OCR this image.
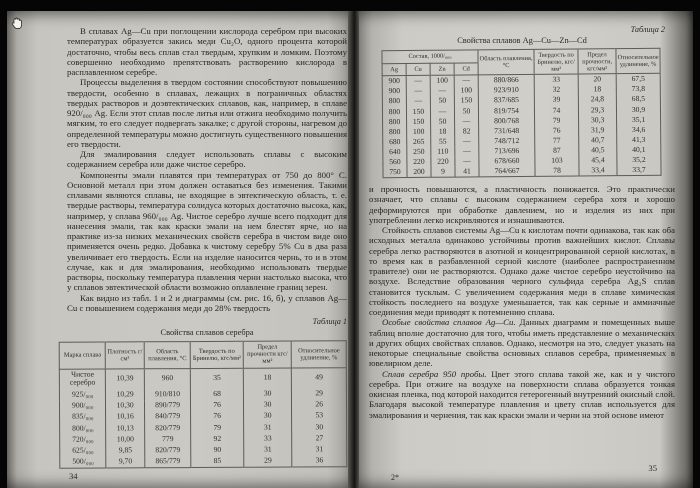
В сплавах Ag—Cu при поглощении кислорода серебром при высоких температурах образуется закись меди Cu₂O, одного процента которой достаточно, чтобы весь сплав стал твердым, хрупким и ломким. Поэтому совершенно необходимо препятствовать растворению кислорода в расплавленном серебре.

Процессы выделения в твердом состоянии способствуют повышению твердости, особенно в сплавах, лежащих в пограничных областях твердых растворов и доэвтектических сплавов, как, например, в сплаве 920/₀₀₀ Ag. Если этот сплав после литья или отжига необходимо получить мягким, то его следует подвергать закалке; с другой стороны, нагревом до определенной температуры можно достигнуть существенного повышения его твердости.

Для эмалирования следует использовать сплавы с высоким содержанием серебра или даже чистое серебро.

Компоненты эмали плавятся при температурах от 750 до 800° С. Основной металл при этом должен оставаться без изменения. Такими сплавами являются сплавы, не входящие в эвтектическую область, т. е. твердые растворы, температура солидуса которых достаточно высока, как, например, у сплава 960/₀₀₀ Ag. Чистое серебро лучше всего подходит для нанесения эмали, так как краски эмали на нем блестят ярче, но на практике из-за низких механических свойств серебра в чистом виде оно применяется очень редко. Добавка к чистому серебру 5% Cu в два раза увеличивает его твердость. Если на изделие наносится чернь, то и в этом случае, как и для эмалирования, необходимо использовать твердые растворы, поскольку температура плавления черни настолько высока, что у сплавов эвтектической области возможно оплавление границ зерен.

Как видно из табл. 1 и 2 и диаграммы (см. рис. 16, б), у сплавов Ag—Cu с повышением содержания меди до 28% твердость

Таблица 1
Свойства сплавов серебра
Марка сплава	Плотность г/см³	Область плавления, °С	Твердость по Бринелю, кгс/мм²	Предел прочности кгс/мм²	Относительное удлинение, %
Чистое серебро	10,39	960	35	18	49
925/₀₀₀	10,29	910/810	68	30	29
900/₀₀₀	10,30	890/779	76	30	26
835/₀₀₀	10,16	840/779	76	30	53
800/₀₀₀	10,13	820/779	79	31	30
720/₀₀₀	10,00	779	92	33	27
625/₀₀₀	9,85	820/779	90	31	31
500/₀₀₀	9,70	865/779	85	29	36
34
Таблица 2
Свойства сплавов Ag—Cu—Zn—Cd
Состав, 1000/₀₀₀				Область плавления, °С	Твердость по Бринелю, кгс/мм²	Предел прочности, кгс/мм²	Относительное удлинение, %
Ag	Cu	Zn	Cd				
900	—	100	—	880/866	33	20	67,5
900	—	—	100	923/910	32	18	73,8
800	—	50	150	837/685	39	24,8	68,5
800	150	—	50	819/754	74	29,3	30,9
800	150	50	—	800/768	79	30,3	35,1
800	100	18	82	731/648	76	31,9	34,6
680	265	55	—	748/712	77	40,7	41,3
640	250	110	—	713/696	87	40,5	40,1
560	220	220	—	678/660	103	45,4	35,2
750	200	9	41	764/667	78	33,4	33,7

и прочность повышаются, а пластичность понижается. Это практически означает, что сплавы с высоким содержанием серебра хотя и хорошо деформируются при обработке давлением, но и изделия из них при употреблении легко искривляются и изнашиваются.

Стойкость сплавов системы Ag—Cu к кислотам почти одинакова, так как оба исходных металла одинаково устойчивы против важнейших кислот. Сплавы серебра легко растворяются в азотной и концентрированной серной кислотах, в то время как в разбавленной серной кислоте (наиболее распространенном травителе) они не растворяются. Однако даже чистое серебро неустойчиво на воздухе. Вследствие образования черного сульфида серебра Ag₂S сплав становится тусклым. С увеличением содержания меди в сплаве химическая стойкость последнего на воздухе уменьшается, так как серные и аммиачные соединения меди приводят к потемнению сплава.

Особые свойства сплавов Ag—Cu. Данных диаграмм и помещенных выше таблиц вполне достаточно для того, чтобы иметь представление о механических и других общих свойствах сплавов. Однако, несмотря на это, следует указать на некоторые специальные свойства основных сплавов серебра, применяемых в ювелирном деле.

Сплав серебра 950 пробы. Цвет этого сплава такой же, как и у чистого серебра. При отжиге на воздухе на поверхности сплава образуется тонкая окисная пленка, под которой находится гетерогенный внутренний окисный слой. Благодаря высокой температуре плавления и цвету сплав используется для эмалирования и чернения, так как краски эмали и черни на этой основе имеют

2*
35
